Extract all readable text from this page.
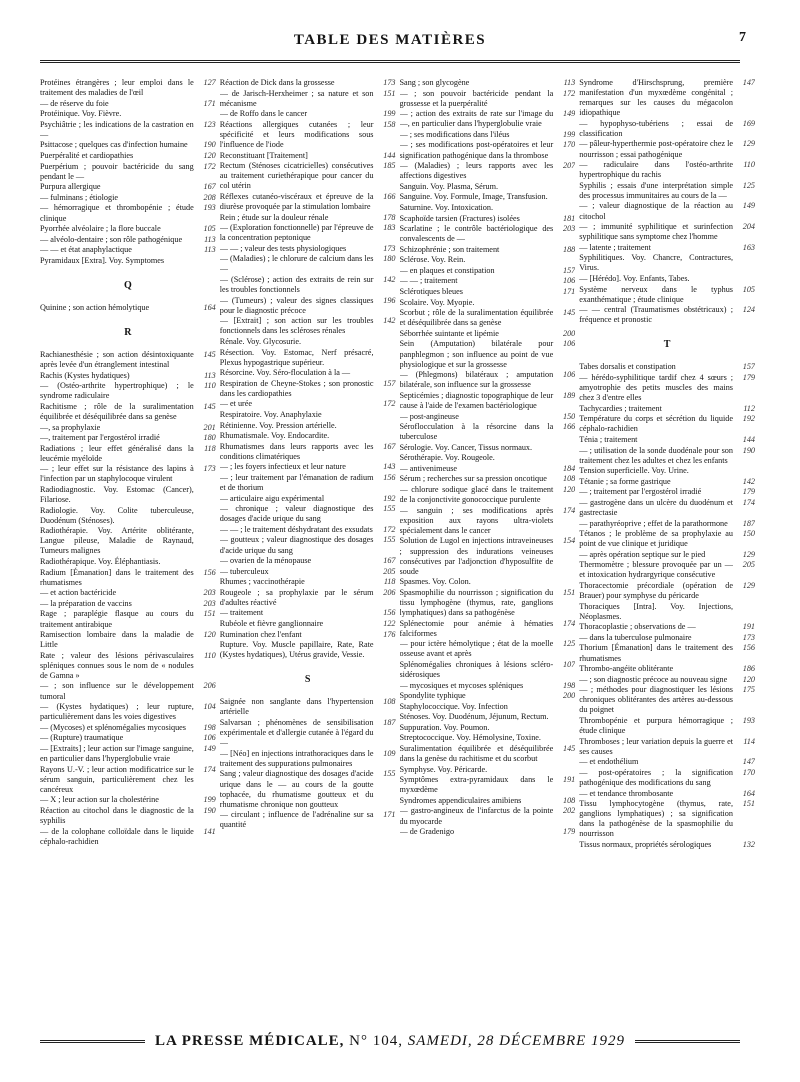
TABLE DES MATIÈRES	7
Protéines étrangères ; leur emploi dans le traitement des maladies de l'œil
127
— de réserve du foie	171
Protéinique. Voy. Fièvre.
Psychiâtrie ; les indications de la castration en —
123
Psittacose ; quelques cas d'infection humaine	190
Puerpéralité et cardiopathies	120
Puerpérium ; pouvoir bactéricide du sang pendant le —
172
Purpura allergique	167
— fulminans ; étiologie	208
— hémorragique et thrombopénie ; étude clinique
193
Pyorrhée alvéolaire ; la flore buccale	105
— alvéolo-dentaire ; son rôle pathogénique	113
— — et état anaphylactique	113
Pyramidaux [Extra]. Voy. Symptomes
Q
Quinine ; son action hémolytique	164
R
Rachianesthésie ; son action désintoxiquante après levée d'un étranglement intestinal
145
Rachis (Kystes hydatiques)	113
— (Ostéo-arthrite hypertrophique) ; le syndrome radiculaire
110
Rachitisme ; rôle de la suralimentation équilibrée et déséquilibrée dans sa genèse
145
—, sa prophylaxie	201
—, traitement par l'ergostérol irradié	180
Radiations ; leur effet généralisé dans la leucémie myéloïde
118
— ; leur effet sur la résistance des lapins à l'infection par un staphylocoque virulent
173
Radiodiagnostic. Voy. Estomac (Cancer), Filariose.
Radiologie. Voy. Colite tuberculeuse, Duodénum (Sténoses).
Radiothérapie. Voy. Artérite oblitérante, Langue pileuse, Maladie de Raynaud, Tumeurs malignes
Radiothérapique. Voy. Éléphantiasis.
Radium [Émanation] dans le traitement des rhumatismes
156
— et action bactéricide	203
— la préparation de vaccins	203
Rage ; paraplégie flasque au cours du traitement antirabique
151
Ramisection lombaire dans la maladie de Little
120
Rate ; valeur des lésions périvasculaires spléniques connues sous le nom de « nodules de Gamna »
110
— ; son influence sur le développement tumoral
206
— (Kystes hydatiques) ; leur rupture, particulièrement dans les voies digestives
104
— (Mycoses) et splénomégalies mycosiques	198
— (Rupture) traumatique	106
— [Extraits] ; leur action sur l'image sanguine, en particulier dans l'hyperglobulie vraie
149
Rayons U.-V. ; leur action modificatrice sur le sérum sanguin, particulièrement chez les cancéreux
174
— X ; leur action sur la cholestérine	199
Réaction au citochol dans le diagnostic de la syphilis
190
— de la colophane colloïdale dans le liquide céphalo-rachidien
141
Réaction de Dick dans la grossesse	173
— de Jarisch-Herxheimer ; sa nature et son mécanisme
151
— de Roffo dans le cancer	199
Réactions allergiques cutanées ; leur spécificité et leurs modifications sous l'influence de l'iode
158
Reconstituant [Traitement]	144
Rectum (Sténoses cicatricielles) consécutives au traitement curiethérapique pour cancer du col utérin
185
Réflexes cutanéo-viscéraux et épreuve de la diurèse provoquée par la stimulation lombaire
166
Rein ; étude sur la douleur rénale	178
— (Exploration fonctionnelle) par l'épreuve de la concentration peptonique
183
— — ; valeur des tests physiologiques	173
— (Maladies) ; le chlorure de calcium dans les —
180
— (Sclérose) ; action des extraits de rein sur les troubles fonctionnels
142
— (Tumeurs) ; valeur des signes classiques pour le diagnostic précoce
196
— [Extrait] ; son action sur les troubles fonctionnels dans les scléroses rénales
142
Rénale. Voy. Glycosurie.
Résection. Voy. Estomac, Nerf présacré, Plexus hypogastrique supérieur.
Résorcine. Voy. Séro-floculation à la —
Respiration de Cheyne-Stokes ; son pronostic dans les cardiopathies
157
— et urée	172
Respiratoire. Voy. Anaphylaxie
Rétinienne. Voy. Pression artérielle.
Rhumatismale. Voy. Endocardite.
Rhumatismes dans leurs rapports avec les conditions climatériques
167
— ; les foyers infectieux et leur nature	143
— ; leur traitement par l'émanation de radium et de thorium
156
— articulaire aigu expérimental	192
— chronique ; valeur diagnostique des dosages d'acide urique du sang
155
— — ; le traitement déshydratant des exsudats	172
— goutteux ; valeur diagnostique des dosages d'acide urique du sang
155
— ovarien de la ménopause	167
— tuberculeux	205
Rhumes ; vaccinothérapie	118
Rougeole ; sa prophylaxie par le sérum d'adultes réactivé
206
— traitement	156
Rubéole et fièvre ganglionnaire	122
Rumination chez l'enfant	176
Rupture. Voy. Muscle papillaire, Rate, Rate (Kystes hydatiques), Utérus gravide, Vessie.
S
Saignée non sanglante dans l'hypertension artérielle
108
Salvarsan ; phénomènes de sensibilisation expérimentale et d'allergie cutanée à l'égard du —
187
— [Néo] en injections intrathoraciques dans le traitement des suppurations pulmonaires
109
Sang ; valeur diagnostique des dosages d'acide urique dans le — au cours de la goutte tophacée, du rhumatisme goutteux et du rhumatisme chronique non goutteux
155
— circulant ; influence de l'adrénaline sur sa quantité
171
Sang ; son glycogène	113
— ; son pouvoir bactéricide pendant la grossesse et la puerpéralité
172
— ; action des extraits de rate sur l'image du —, en particulier dans l'hyperglobulie vraie
149
— ; ses modifications dans l'iléus	199
— ; ses modifications post-opératoires et leur signification pathogénique dans la thrombose
170
— (Maladies) ; leurs rapports avec les affections digestives
207
Sanguin. Voy. Plasma, Sérum.
Sanguine. Voy. Formule, Image, Transfusion.
Saturnine. Voy. Intoxication.
Scaphoïde tarsien (Fractures) isolées	181
Scarlatine ; le contrôle bactériologique des convalescents de —
203
Schizophrénie ; son traitement	188
Sclérose. Voy. Rein.
— en plaques et constipation	157
— — ; traitement	106
Sclérotiques bleues	171
Scolaire. Voy. Myopie.
Scorbut ; rôle de la suralimentation équilibrée et déséquilibrée dans sa genèse
145
Séborrhée suintante et lipémie	200
Sein (Amputation) bilatérale pour panphlegmon ; son influence au point de vue physiologique et sur la grossesse
106
— (Phlegmons) bilatéraux ; amputation bilatérale, son influence sur la grossesse
106
Septicémies ; diagnostic topographique de leur cause à l'aide de l'examen bactériologique
189
— post-angineuse	150
Séroflocculation à la résorcine dans la tuberculose
166
Sérologie. Voy. Cancer, Tissus normaux.
Sérothérapie. Voy. Rougeole.
— antivenimeuse	184
Sérum ; recherches sur sa pression oncotique	108
— chlorure sodique glacé dans le traitement de la conjonctivite gonococcique purulente
120
— sanguin ; ses modifications après exposition aux rayons ultra-violets spécialement dans le cancer
174
Solution de Lugol en injections intraveineuses ; suppression des indurations veineuses consécutives par l'adjonction d'hyposulfite de soude
154
Spasmes. Voy. Colon.
Spasmophilie du nourrisson ; signification du tissu lymphogène (thymus, rate, ganglions lymphatiques) dans sa pathogénèse
151
Splénectomie pour anémie à hématies falciformes
174
— pour ictère hémolytique ; état de la moelle osseuse avant et après
125
Splénomégalies chroniques à lésions scléro-sidérosiques
107
— mycosiques et mycoses spléniques	198
Spondylite typhique	200
Staphylococcique. Voy. Infection
Sténoses. Voy. Duodénum, Jéjunum, Rectum.
Suppuration. Voy. Poumon.
Streptococcique. Voy. Hémolysine, Toxine.
Suralimentation équilibrée et déséquilibrée dans la genèse du rachitisme et du scorbut
145
Symphyse. Voy. Péricarde.
Symptômes extra-pyramidaux dans le myxœdème
191
Syndromes appendiculaires amibiens	108
— gastro-angineux de l'infarctus de la pointe du myocarde
202
— de Gradenigo	179
Syndrome d'Hirschsprung, première manifestation d'un myxœdème congénital ; remarques sur les causes du mégacolon idiopathique
147
— hypophyso-tubériens ; essai de classification
169
— pâleur-hyperthermie post-opératoire chez le nourrisson ; essai pathogénique
129
— radiculaire dans l'ostéo-arthrite hypertrophique du rachis
110
Syphilis ; essais d'une interprétation simple des processus immunitaires au cours de la —
125
— ; valeur diagnostique de la réaction au citochol
149
— ; immunité syphilitique et surinfection syphilitique sans symptome chez l'homme
204
— latente ; traitement	163
Syphilitiques. Voy. Chancre, Contractures, Virus.
— [Hérédo]. Voy. Enfants, Tabes.
Système nerveux dans le typhus exanthématique ; étude clinique
105
— — central (Traumatismes obstétricaux) ; fréquence et pronostic
124
T
Tabes dorsalis et constipation	157
— hérédo-syphilitique tardif chez 4 sœurs ; amyotrophie des petits muscles des mains chez 3 d'entre elles
179
Tachycardies ; traitement	112
Température du corps et sécrétion du liquide céphalo-rachidien
192
Ténia ; traitement	144
— ; utilisation de la sonde duodénale pour son traitement chez les adultes et chez les enfants
190
Tension superficielle. Voy. Urine.
Tétanie ; sa forme gastrique	142
— ; traitement par l'ergostérol irradié	179
— gastrogène dans un ulcère du duodénum et gastrectasie
174
— parathyréoprive ; effet de la parathormone	187
Tétanos ; le problème de sa prophylaxie au point de vue clinique et juridique
150
— après opération septique sur le pied	129
Thermomètre ; blessure provoquée par un — et intoxication hydrargyrique consécutive
205
Thoracectomie précordiale (opération de Brauer) pour symphyse du péricarde
129
Thoraciques [Intra]. Voy. Injections, Néoplasmes.
Thoracoplastie ; observations de —	191
— dans la tuberculose pulmonaire	173
Thorium [Émanation] dans le traitement des rhumatismes
156
Thrombo-angéite oblitérante	186
— ; son diagnostic précoce au nouveau signe	120
— ; méthodes pour diagnostiquer les lésions chroniques oblitérantes des artères au-dessous du poignet
175
Thrombopénie et purpura hémorragique ; étude clinique
193
Thromboses ; leur variation depuis la guerre et ses causes
114
— et endothélium	147
— post-opératoires ; la signification pathogénique des modifications du sang
170
— et tendance thrombosante	164
Tissu lymphocytogène (thymus, rate, ganglions lymphatiques) ; sa signification dans la pathogénèse de la spasmophilie du nourrisson
151
Tissus normaux, propriétés sérologiques	132
LA PRESSE MÉDICALE, N° 104, SAMEDI, 28 DÉCEMBRE 1929
